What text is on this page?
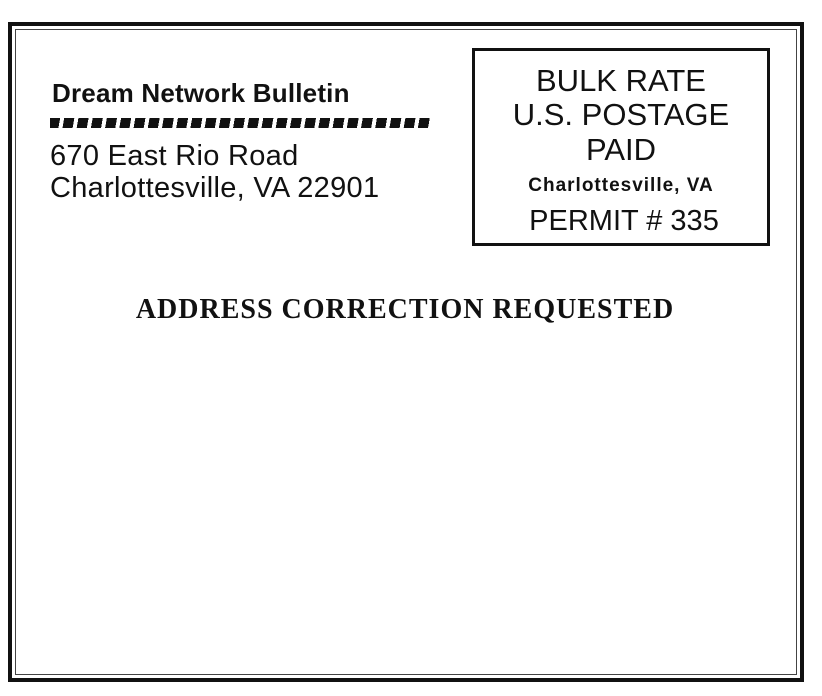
Dream Network Bulletin
670 East Rio Road
Charlottesville, VA 22901
BULK RATE
U.S. POSTAGE
PAID
Charlottesville, VA
PERMIT # 335
ADDRESS CORRECTION REQUESTED
